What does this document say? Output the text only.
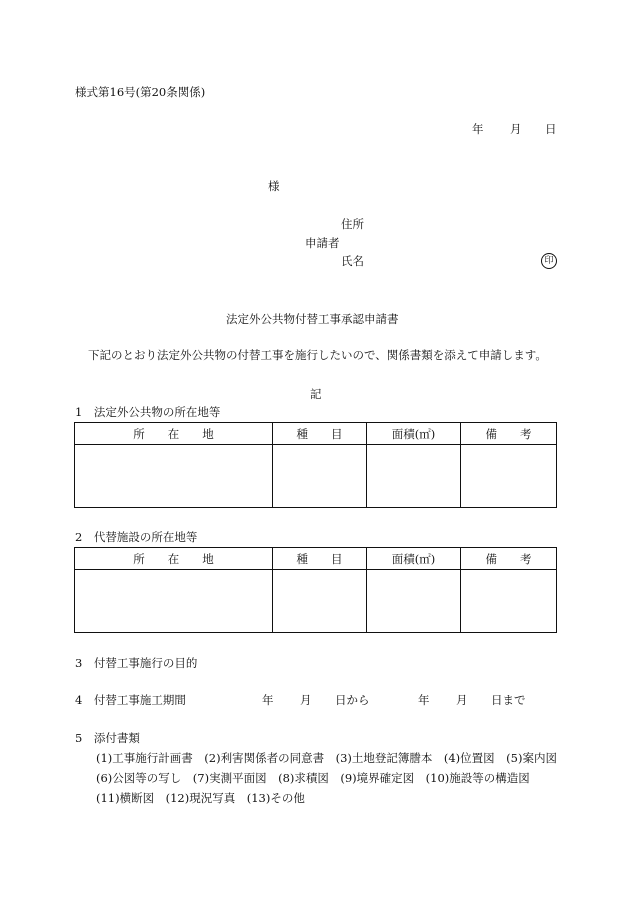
様式第16号(第20条関係)
年 月 日
様
住所
申請者
氏名	印
法定外公共物付替工事承認申請書
下記のとおり法定外公共物の付替工事を施行したいので、関係書類を添えて申請します。
記
1　法定外公共物の所在地等
所　　在　　地	種　　目	面積(㎡)	備　　考

2　代替施設の所在地等
所　　在　　地	種　　目	面積(㎡)	備　　考

3　付替工事施行の目的
4　付替工事施工期間	年 月 日から	年 月 日まで
5　添付書類
(1)工事施行計画書　(2)利害関係者の同意書　(3)土地登記簿謄本　(4)位置図　(5)案内図　(6)公図等の写し　(7)実測平面図　(8)求積図　(9)境界確定図　(10)施設等の構造図　(11)横断図　(12)現況写真　(13)その他
